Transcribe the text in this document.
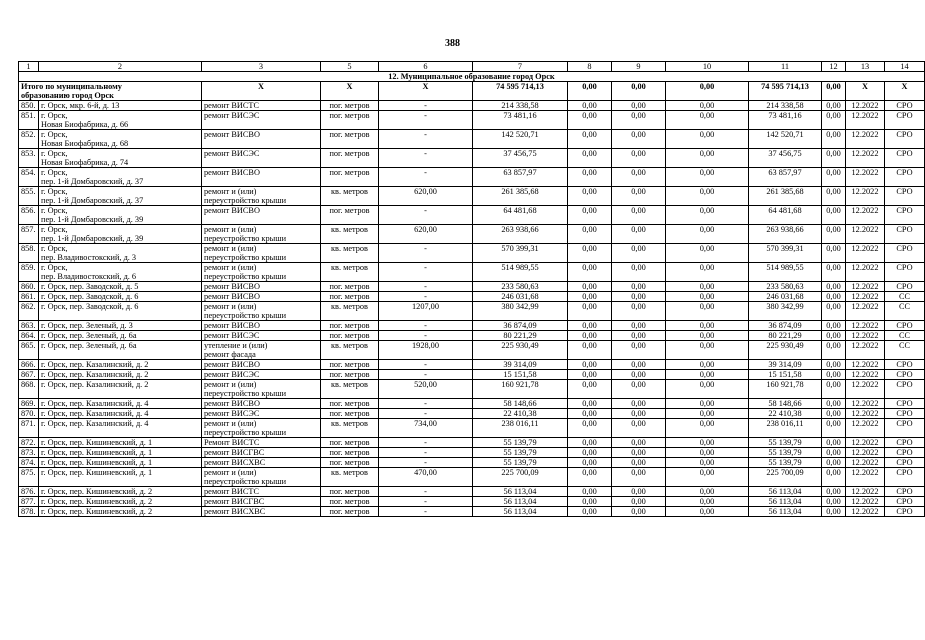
388
1	2	3	5	6	7	8	9	10	11	12	13	14
12. Муниципальное образование город Орск												

Итого по муниципальному
образованию город Орск		X	X	X	74 595 714,13	0,00	0,00	0,00	74 595 714,13	0,00	X	X
850.	г. Орск, мкр. 6-й, д. 13	ремонт ВИСТС	пог. метров	-	214 338,58	0,00	0,00	0,00	214 338,58	0,00	12.2022	СРО
851.	г. Орск,
Новая Биофабрика, д. 66	ремонт ВИСЭС	пог. метров	-	73 481,16	0,00	0,00	0,00	73 481,16	0,00	12.2022	СРО
852.	г. Орск,
Новая Биофабрика, д. 68	ремонт ВИСВО	пог. метров	-	142 520,71	0,00	0,00	0,00	142 520,71	0,00	12.2022	СРО
853.	г. Орск,
Новая Биофабрика, д. 74	ремонт ВИСЭС	пог. метров	-	37 456,75	0,00	0,00	0,00	37 456,75	0,00	12.2022	СРО
854.	г. Орск,
пер. 1-й Домбаровский, д. 37	ремонт ВИСВО	пог. метров	-	63 857,97	0,00	0,00	0,00	63 857,97	0,00	12.2022	СРО
855.	г. Орск,
пер. 1-й Домбаровский, д. 37	ремонт и (или)
переустройство крыши	кв. метров	620,00	261 385,68	0,00	0,00	0,00	261 385,68	0,00	12.2022	СРО
856.	г. Орск,
пер. 1-й Домбаровский, д. 39	ремонт ВИСВО	пог. метров	-	64 481,68	0,00	0,00	0,00	64 481,68	0,00	12.2022	СРО
857.	г. Орск,
пер. 1-й Домбаровский, д. 39	ремонт и (или)
переустройство крыши	кв. метров	620,00	263 938,66	0,00	0,00	0,00	263 938,66	0,00	12.2022	СРО
858.	г. Орск,
пер. Владивостокский, д. 3	ремонт и (или)
переустройство крыши	кв. метров	-	570 399,31	0,00	0,00	0,00	570 399,31	0,00	12.2022	СРО
859.	г. Орск,
пер. Владивостокский, д. 6	ремонт и (или)
переустройство крыши	кв. метров	-	514 989,55	0,00	0,00	0,00	514 989,55	0,00	12.2022	СРО
860.	г. Орск, пер. Заводской, д. 5	ремонт ВИСВО	пог. метров	-	233 580,63	0,00	0,00	0,00	233 580,63	0,00	12.2022	СРО
861.	г. Орск, пер. Заводской, д. 6	ремонт ВИСВО	пог. метров	-	246 031,68	0,00	0,00	0,00	246 031,68	0,00	12.2022	СС
862.	г. Орск, пер. Заводской, д. 6	ремонт и (или)
переустройство крыши	кв. метров	1207,00	380 342,99	0,00	0,00	0,00	380 342,99	0,00	12.2022	СС
863.	г. Орск, пер. Зеленый, д. 3	ремонт ВИСВО	пог. метров	-	36 874,09	0,00	0,00	0,00	36 874,09	0,00	12.2022	СРО
864.	г. Орск, пер. Зеленый, д. 6а	ремонт ВИСЭС	пог. метров	-	80 221,29	0,00	0,00	0,00	80 221,29	0,00	12.2022	СС
865.	г. Орск, пер. Зеленый, д. 6а	утепление и (или)
ремонт фасада	кв. метров	1928,00	225 930,49	0,00	0,00	0,00	225 930,49	0,00	12.2022	СС
866.	г. Орск, пер. Казалинский, д. 2	ремонт ВИСВО	пог. метров	-	39 314,09	0,00	0,00	0,00	39 314,09	0,00	12.2022	СРО
867.	г. Орск, пер. Казалинский, д. 2	ремонт ВИСЭС	пог. метров	-	15 151,58	0,00	0,00	0,00	15 151,58	0,00	12.2022	СРО
868.	г. Орск, пер. Казалинский, д. 2	ремонт и (или)
переустройство крыши	кв. метров	520,00	160 921,78	0,00	0,00	0,00	160 921,78	0,00	12.2022	СРО
869.	г. Орск, пер. Казалинский, д. 4	ремонт ВИСВО	пог. метров	-	58 148,66	0,00	0,00	0,00	58 148,66	0,00	12.2022	СРО
870.	г. Орск, пер. Казалинский, д. 4	ремонт ВИСЭС	пог. метров	-	22 410,38	0,00	0,00	0,00	22 410,38	0,00	12.2022	СРО
871.	г. Орск, пер. Казалинский, д. 4	ремонт и (или)
переустройство крыши	кв. метров	734,00	238 016,11	0,00	0,00	0,00	238 016,11	0,00	12.2022	СРО
872.	г. Орск, пер. Кишиневский, д. 1	Ремонт ВИСТС	пог. метров	-	55 139,79	0,00	0,00	0,00	55 139,79	0,00	12.2022	СРО
873.	г. Орск, пер. Кишиневский, д. 1	ремонт ВИСГВС	пог. метров	-	55 139,79	0,00	0,00	0,00	55 139,79	0,00	12.2022	СРО
874.	г. Орск, пер. Кишиневский, д. 1	ремонт ВИСХВС	пог. метров	-	55 139,79	0,00	0,00	0,00	55 139,79	0,00	12.2022	СРО
875.	г. Орск, пер. Кишиневский, д. 1	ремонт и (или)
переустройство крыши	кв. метров	470,00	225 700,09	0,00	0,00	0,00	225 700,09	0,00	12.2022	СРО
876.	г. Орск, пер. Кишиневский, д. 2	ремонт ВИСТС	пог. метров	-	56 113,04	0,00	0,00	0,00	56 113,04	0,00	12.2022	СРО
877.	г. Орск, пер. Кишиневский, д. 2	ремонт ВИСГВС	пог. метров	-	56 113,04	0,00	0,00	0,00	56 113,04	0,00	12.2022	СРО
878.	г. Орск, пер. Кишиневский, д. 2	ремонт ВИСХВС	пог. метров	-	56 113,04	0,00	0,00	0,00	56 113,04	0,00	12.2022	СРО
